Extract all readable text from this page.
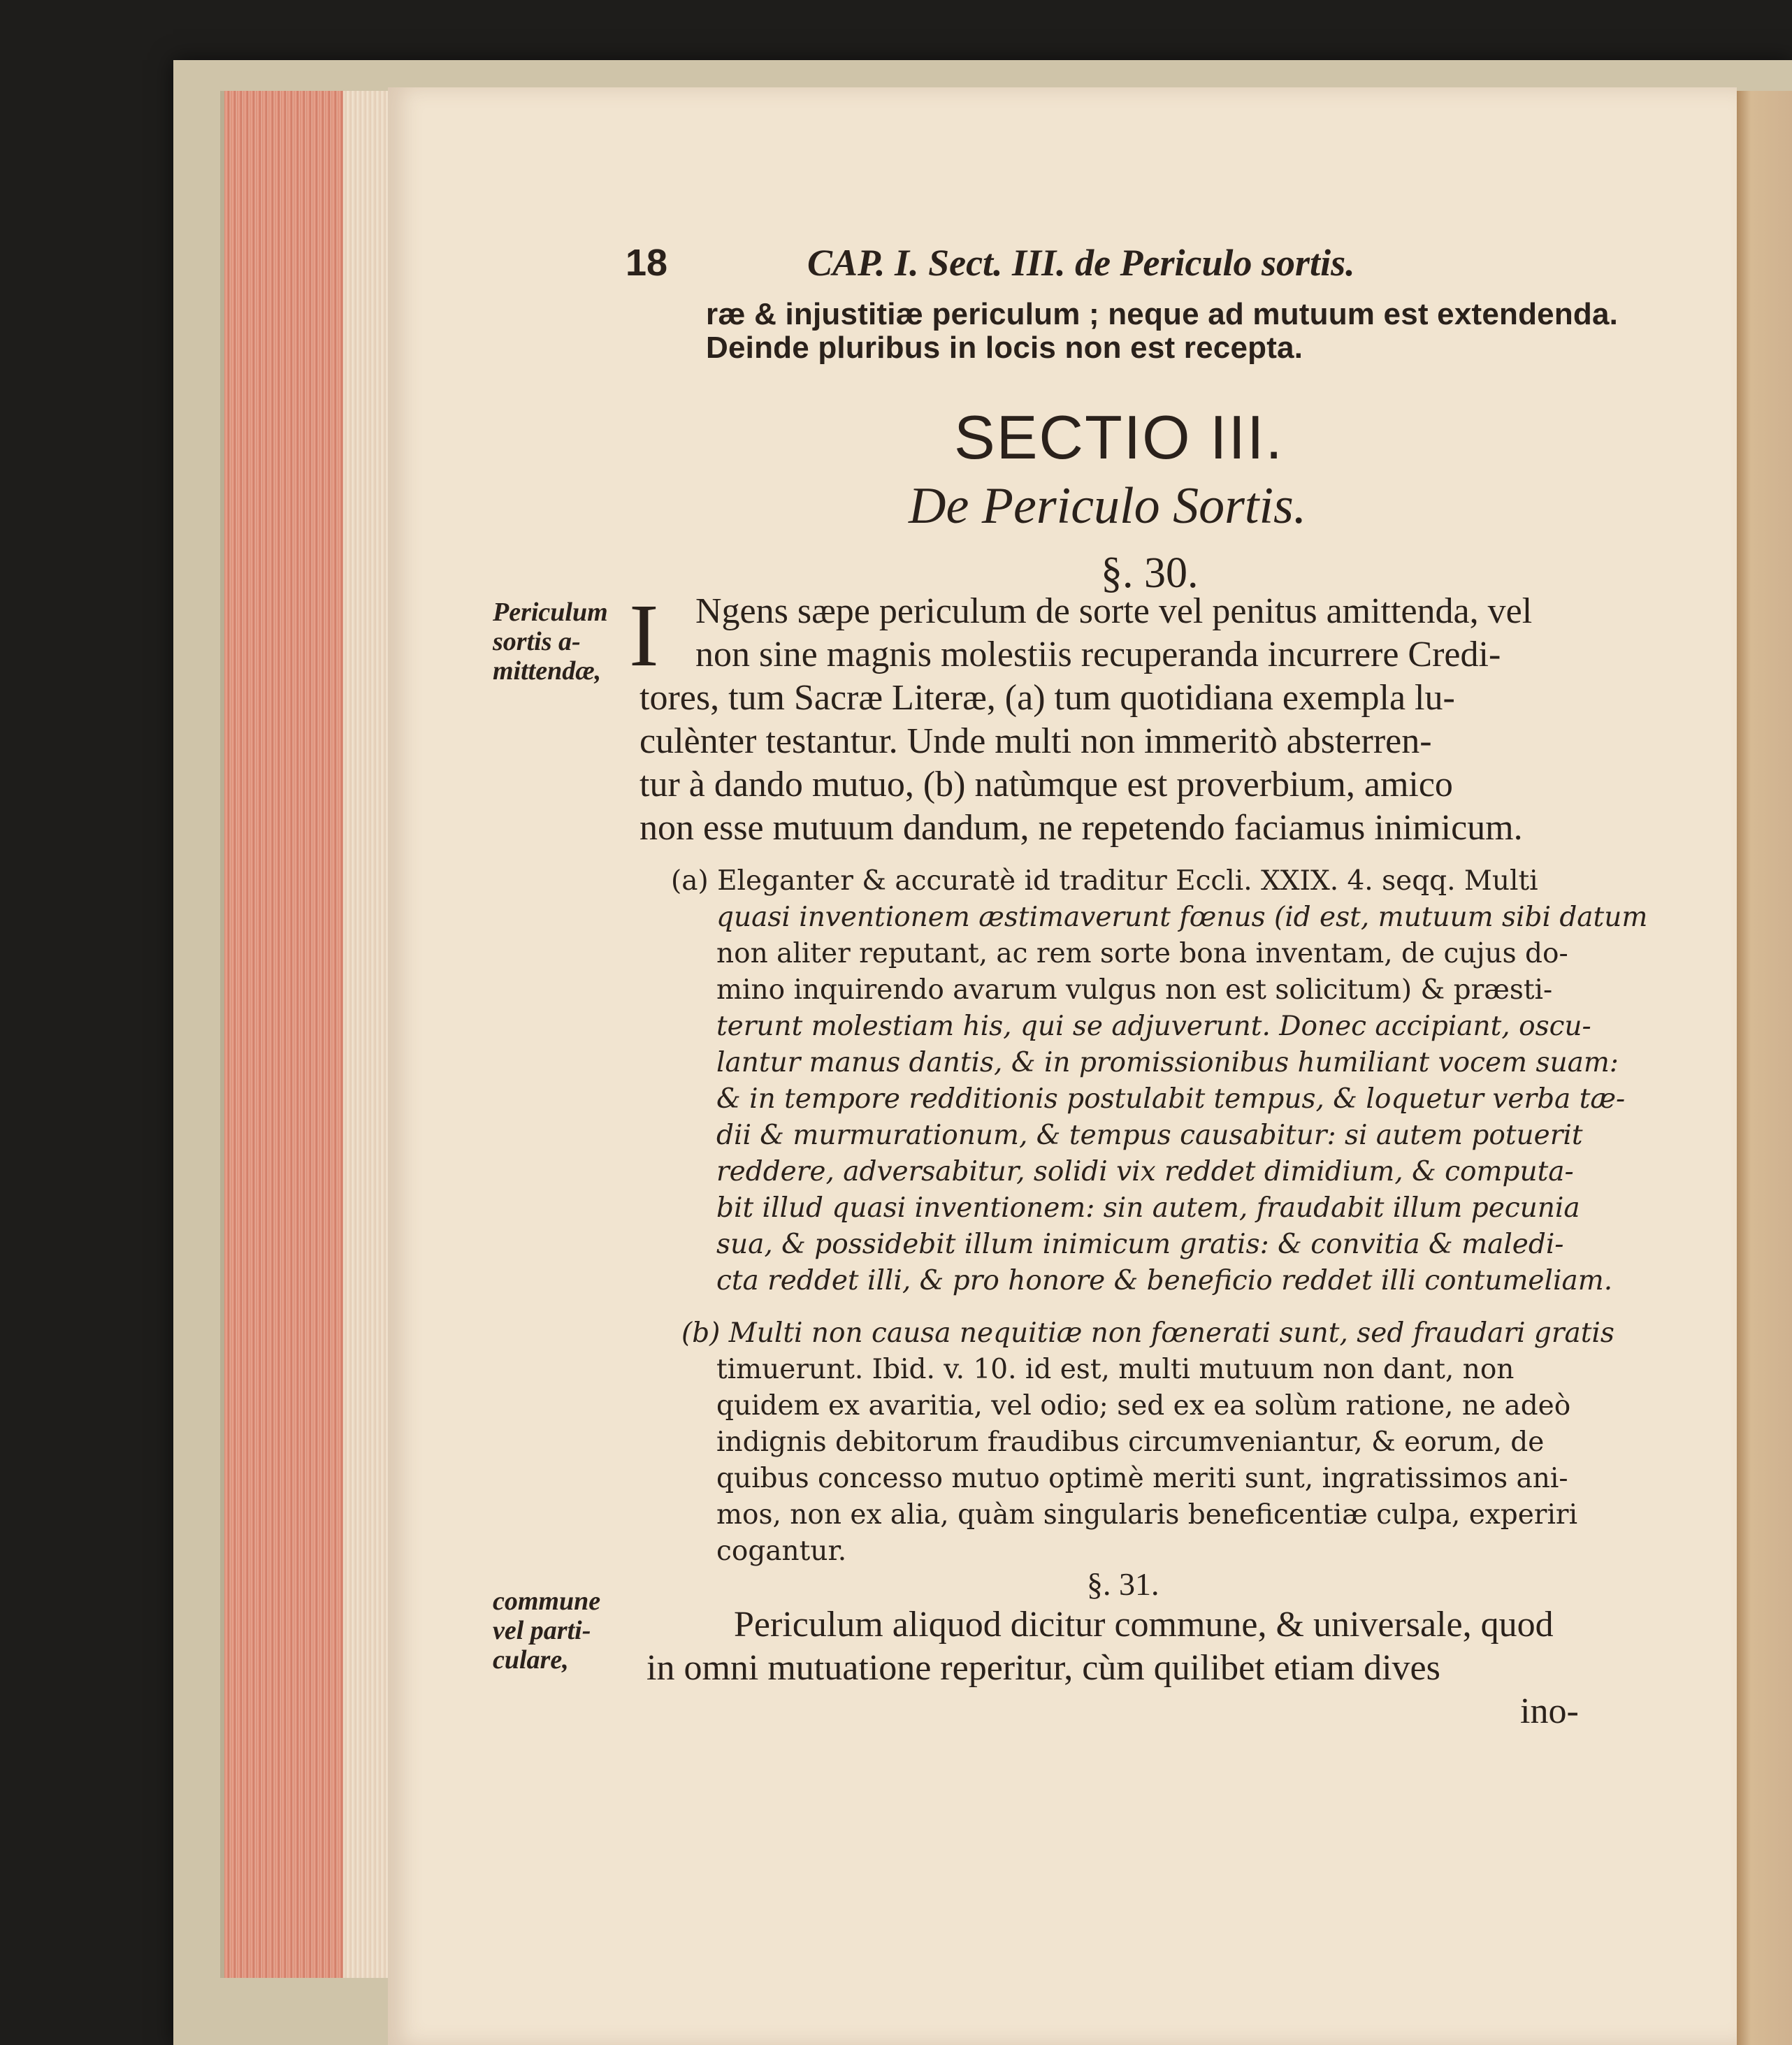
18	CAP. I. Sect. III. de Periculo sortis.
ræ & injustitiæ periculum ; neque ad mutuum est extendenda.
Deinde pluribus in locis non est recepta.
SECTIO III.
De Periculo Sortis.
§. 30.
Periculum
sortis a-
mittendæ, I Ngens sæpe periculum de sorte vel penitus amittenda, vel
non sine magnis molestiis recuperanda incurrere Credi-
tores, tum Sacræ Literæ, (a) tum quotidiana exempla lu-
culènter testantur. Unde multi non immeritò absterren-
tur à dando mutuo, (b) natùmque est proverbium, amico
non esse mutuum dandum, ne repetendo faciamus inimicum.
(a) Eleganter & accuratè id traditur Eccli. XXIX. 4. seqq. Multi
quasi inventionem æstimaverunt fœnus (id est, mutuum sibi datum
non aliter reputant, ac rem sorte bona inventam, de cujus do-
mino inquirendo avarum vulgus non est solicitum) & præsti-
terunt molestiam his, qui se adjuverunt. Donec accipiant, oscu-
lantur manus dantis, & in promissionibus humiliant vocem suam:
& in tempore redditionis postulabit tempus, & loquetur verba tæ-
dii & murmurationum, & tempus causabitur: si autem potuerit
reddere, adversabitur, solidi vix reddet dimidium, & computa-
bit illud quasi inventionem: sin autem, fraudabit illum pecunia
sua, & possidebit illum inimicum gratis: & convitia & maledi-
cta reddet illi, & pro honore & beneficio reddet illi contumeliam.
(b) Multi non causa nequitiæ non fœnerati sunt, sed fraudari gratis
timuerunt. Ibid. v. 10. id est, multi mutuum non dant, non
quidem ex avaritia, vel odio; sed ex ea solùm ratione, ne adeò
indignis debitorum fraudibus circumveniantur, & eorum, de
quibus concesso mutuo optimè meriti sunt, ingratissimos ani-
mos, non ex alia, quàm singularis beneficentiæ culpa, experiri
cogantur.
§. 31.
commune
vel parti-
culare,
Periculum aliquod dicitur commune, & universale, quod
in omni mutuatione reperitur, cùm quilibet etiam dives
ino-
